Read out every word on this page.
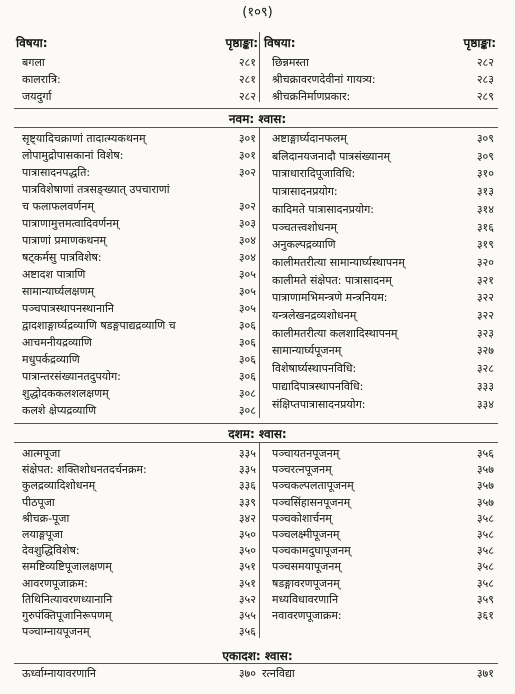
(१०९)
विषया:	पृष्ठाङ्का: विषया:	पृष्ठाङ्का:
नवम: श्वास:
दशम: श्वास:
एकादश: श्वास:
बगला	२८१
कालरात्रि:	२८१
जयदुर्गा	२८२
छिन्नमस्ता	२८२
श्रीचक्रावरणदेवीनां गायत्र्य:	२८३
श्रीचक्रनिर्माणप्रकार:	२८९
सृष्ट्यादिचक्राणां तादात्म्यकथनम्	३०१
लोपामुद्रोपासकानां विशेष:	३०१
पात्रासादनपद्धति:	३०२
पात्रविशेषाणां तत्रसङ्ख्यात् उपचाराणां
च फलाफलवर्णनम्	३०२
पात्राणामुत्तमत्वादिवर्णनम्	३०३
पात्राणां प्रमाणकथनम्	३०४
षट्कर्मसु पात्रविशेष:	३०४
अष्टादश पात्राणि	३०५
सामान्यार्घ्यलक्षणम्	३०५
पञ्चपात्रस्थापनस्थानानि	३०५
द्वादशाङ्गार्घ्यद्रव्याणि षडङ्गपाद्यद्रव्याणि च	३०६
आचमनीयद्रव्याणि	३०६
मधुपर्कद्रव्याणि	३०६
पात्रान्तरसंख्यानतदुपयोग:	३०६
शुद्धोदककलशलक्षणम्	३०८
कलशे क्षेप्यद्रव्याणि	३०८
अष्टाङ्गार्घ्यदानफलम्	३०९
बलिदानयजनादौ पात्रसंख्यानम्	३०९
पात्राधारादिपूजाविधि:	३१०
पात्रासादनप्रयोग:	३१३
कादिमते पात्रासादनप्रयोग:	३१४
पञ्चतत्त्वशोधनम्	३१६
अनुकल्पद्रव्याणि	३१९
कालीमतरीत्या सामान्यार्घ्यस्थापनम्	३२०
कालीमते संक्षेपत: पात्रासादनम्	३२१
पात्राणामभिमन्त्रणे मन्त्रनियम:	३२२
यन्त्रलेखनद्रव्यशोधनम्	३२२
कालीमतरीत्या कलशादिस्थापनम्	३२३
सामान्यार्घ्यपूजनम्	३२७
विशेषार्घ्यस्थापनविधि:	३२८
पाद्यादिपात्रस्थापनविधि:	३३३
संक्षिप्तपात्रासादनप्रयोग:	३३४
आत्मपूजा	३३५
संक्षेपत: शक्तिशोधनतदर्चनक्रम:	३३५
कुलद्रव्यादिशोधनम्	३३६
पीठपूजा	३३९
श्रीचक्र-पूजा	३४२
लयाङ्गपूजा	३५०
देवशुद्धिविशेष:	३५०
समष्टिव्यष्टिपूजालक्षणम्	३५१
आवरणपूजाक्रम:	३५१
तिथिनित्यावरणध्यानानि	३५२
गुरुपंक्तिपूजानिरूपणम्	३५५
पञ्चाम्नायपूजनम्	३५६
पञ्चायतनपूजनम्	३५६
पञ्चरत्नपूजनम्	३५७
पञ्चकल्पलतापूजनम्	३५७
पञ्चसिंहासनपूजनम्	३५७
पञ्चकोशार्चनम्	३५८
पञ्चलक्ष्मीपूजनम्	३५८
पञ्चकामदुघापूजनम्	३५८
पञ्चसमयापूजनम्	३५८
षडङ्गावरणपूजनम्	३५८
मध्यविधावरणानि	३५९
नवावरणपूजाक्रम:	३६१
ऊर्ध्वाम्नायावरणानि	३७० रत्नविद्या	३७१
